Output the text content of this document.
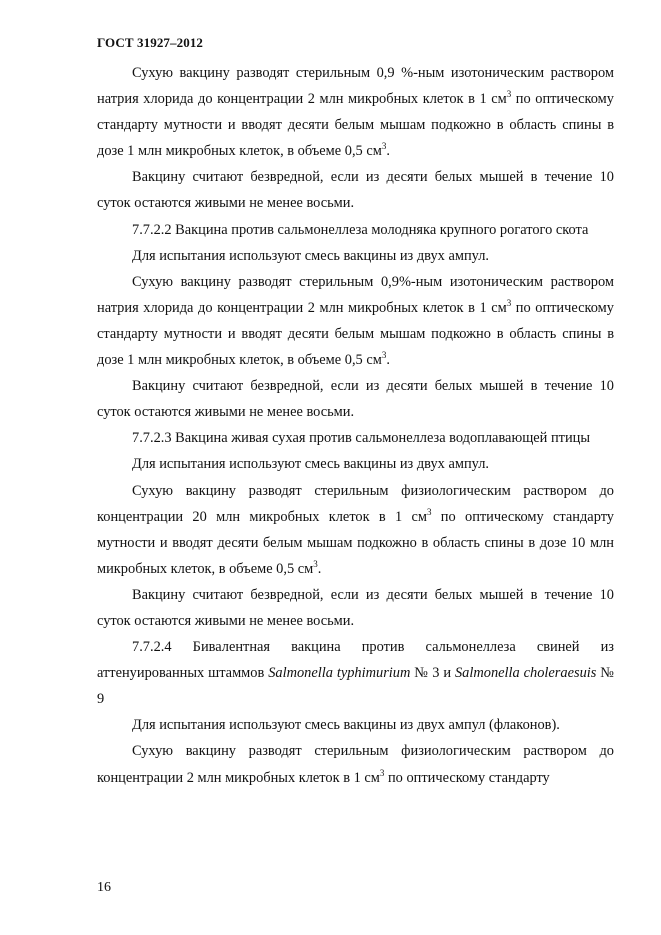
ГОСТ 31927–2012

Сухую вакцину разводят стерильным 0,9 %-ным изотоническим раствором натрия хлорида до концентрации 2 млн микробных клеток в 1 $см^3$ по оптическому стандарту мутности и вводят десяти белым мышам подкожно в область спины в дозе 1 млн микробных клеток, в объеме 0,5 $см^3$.

Вакцину считают безвредной, если из десяти белых мышей в течение 10 суток остаются живыми не менее восьми.

7.7.2.2 Вакцина против сальмонеллеза молодняка крупного рогатого скота

Для испытания используют смесь вакцины из двух ампул.

Сухую вакцину разводят стерильным 0,9%-ным изотоническим раствором натрия хлорида до концентрации 2 млн микробных клеток в 1 $см^3$ по оптическому стандарту мутности и вводят десяти белым мышам подкожно в область спины в дозе 1 млн микробных клеток, в объеме 0,5 $см^3$.

Вакцину считают безвредной, если из десяти белых мышей в течение 10 суток остаются живыми не менее восьми.

7.7.2.3 Вакцина живая сухая против сальмонеллеза водоплавающей птицы

Для испытания используют смесь вакцины из двух ампул.

Сухую вакцину разводят стерильным физиологическим раствором до концентрации 20 млн микробных клеток в 1 $см^3$ по оптическому стандарту мутности и вводят десяти белым мышам подкожно в область спины в дозе 10 млн микробных клеток, в объеме 0,5 $см^3$.

Вакцину считают безвредной, если из десяти белых мышей в течение 10 суток остаются живыми не менее восьми.

7.7.2.4 Бивалентная вакцина против сальмонеллеза свиней из аттенуированных штаммов Salmonella typhimurium № 3 и Salmonella choleraesuis № 9

Для испытания используют смесь вакцины из двух ампул (флаконов).

Сухую вакцину разводят стерильным физиологическим раствором до концентрации 2 млн микробных клеток в 1 $см^3$ по оптическому стандарту

16
